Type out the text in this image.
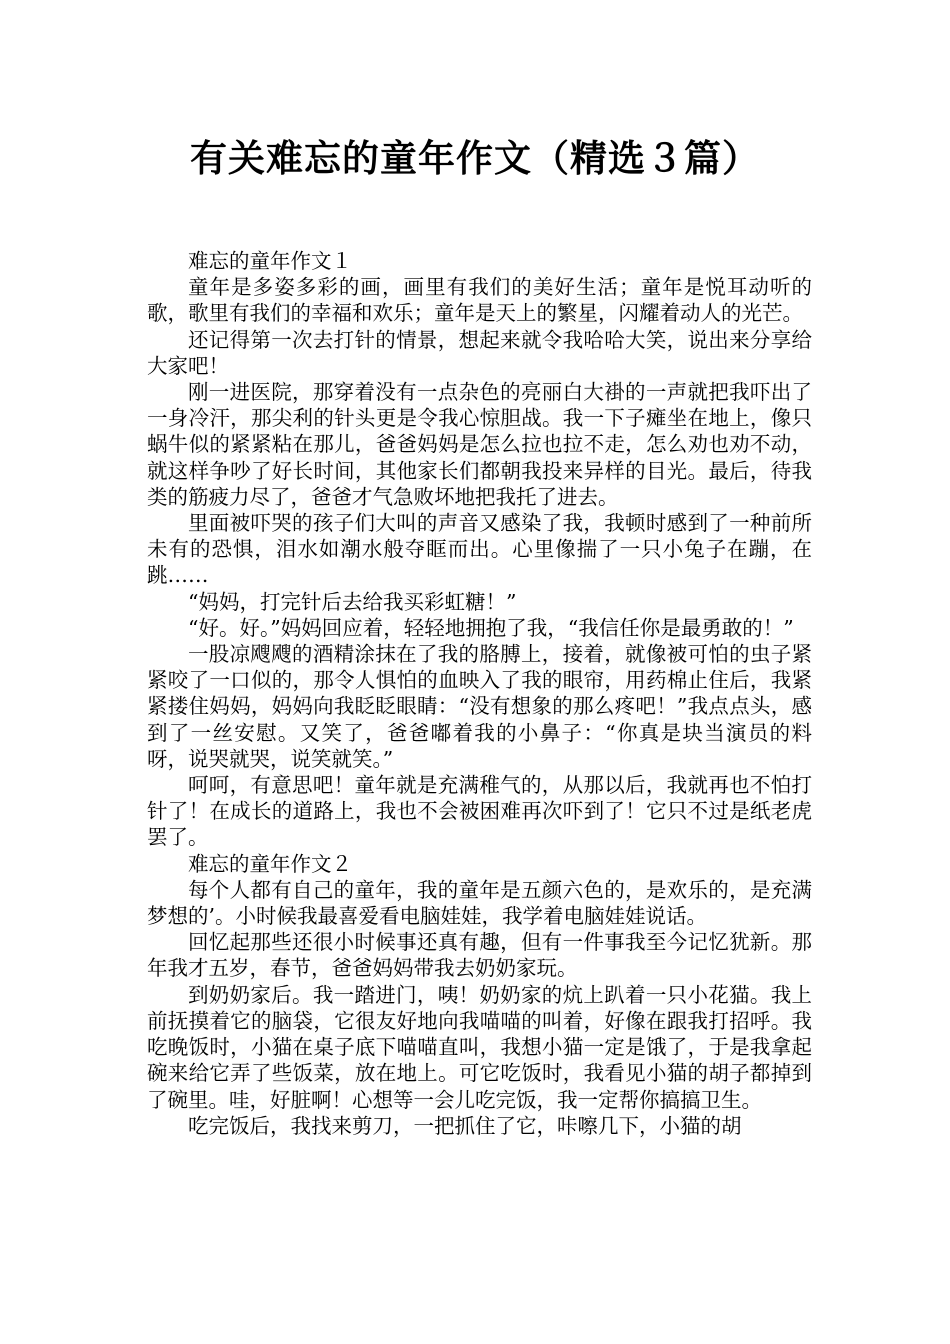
有关难忘的童年作文（精选３篇）

难忘的童年作文１

童年是多姿多彩的画，画里有我们的美好生活；童年是悦耳动听的歌，歌里有我们的幸福和欢乐；童年是天上的繁星，闪耀着动人的光芒。

还记得第一次去打针的情景，想起来就令我哈哈大笑，说出来分享给大家吧！

刚一进医院，那穿着没有一点杂色的亮丽白大褂的一声就把我吓出了一身冷汗，那尖利的针头更是令我心惊胆战。我一下子瘫坐在地上，像只蜗牛似的紧紧粘在那儿，爸爸妈妈是怎么拉也拉不走，怎么劝也劝不动，就这样争吵了好长时间，其他家长们都朝我投来异样的目光。最后，待我类的筋疲力尽了，爸爸才气急败坏地把我托了进去。

里面被吓哭的孩子们大叫的声音又感染了我，我顿时感到了一种前所未有的恐惧，泪水如潮水般夺眶而出。心里像揣了一只小兔子在蹦，在跳……

“妈妈，打完针后去给我买彩虹糖！”

“好。好。”妈妈回应着，轻轻地拥抱了我，“我信任你是最勇敢的！”

一股凉飕飕的酒精涂抹在了我的胳膊上，接着，就像被可怕的虫子紧紧咬了一口似的，那令人惧怕的血映入了我的眼帘，用药棉止住后，我紧紧搂住妈妈，妈妈向我眨眨眼睛：“没有想象的那么疼吧！”我点点头，感到了一丝安慰。又笑了，爸爸嘟着我的小鼻子：“你真是块当演员的料呀，说哭就哭，说笑就笑。”

呵呵，有意思吧！童年就是充满稚气的，从那以后，我就再也不怕打针了！在成长的道路上，我也不会被困难再次吓到了！它只不过是纸老虎罢了。

难忘的童年作文２

每个人都有自己的童年，我的童年是五颜六色的，是欢乐的，是充满梦想的’。小时候我最喜爱看电脑娃娃，我学着电脑娃娃说话。

回忆起那些还很小时候事还真有趣，但有一件事我至今记忆犹新。那年我才五岁，春节，爸爸妈妈带我去奶奶家玩。

到奶奶家后。我一踏进门，咦！奶奶家的炕上趴着一只小花猫。我上前抚摸着它的脑袋，它很友好地向我喵喵的叫着，好像在跟我打招呼。我吃晚饭时，小猫在桌子底下喵喵直叫，我想小猫一定是饿了，于是我拿起碗来给它弄了些饭菜，放在地上。可它吃饭时，我看见小猫的胡子都掉到了碗里。哇，好脏啊！心想等一会儿吃完饭，我一定帮你搞搞卫生。

吃完饭后，我找来剪刀，一把抓住了它，咔嚓几下，小猫的胡
